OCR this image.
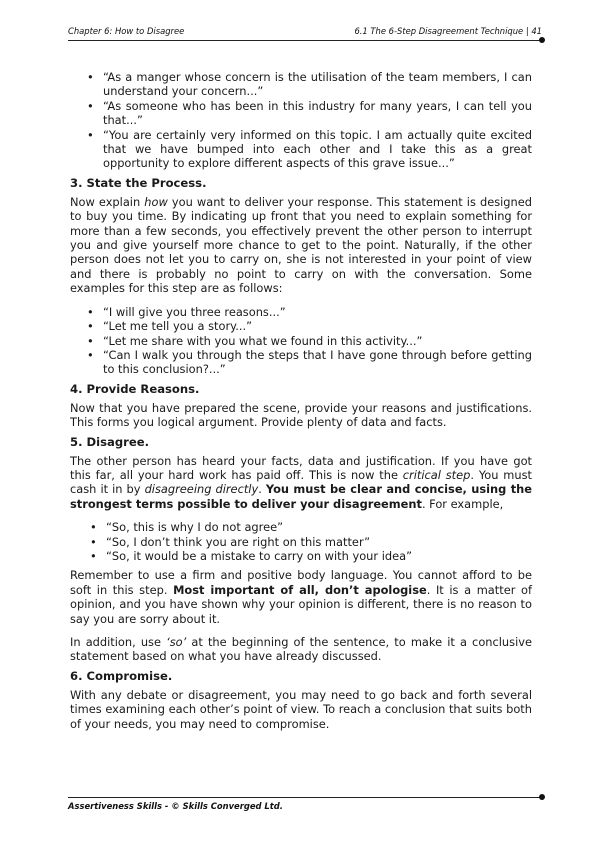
Chapter 6: How to Disagree	6.1 The 6-Step Disagreement Technique | 41
• “As a manger whose concern is the utilisation of the team members, I can understand your concern...”
• “As someone who has been in this industry for many years, I can tell you that...”
• “You are certainly very informed on this topic. I am actually quite excited that we have bumped into each other and I take this as a great opportunity to explore different aspects of this grave issue...”
3. State the Process.

Now explain how you want to deliver your response. This statement is designed to buy you time. By indicating up front that you need to explain something for more than a few seconds, you effectively prevent the other person to interrupt you and give yourself more chance to get to the point. Naturally, if the other person does not let you to carry on, she is not interested in your point of view and there is probably no point to carry on with the conversation. Some examples for this step are as follows:

• “I will give you three reasons...”
• “Let me tell you a story...”
• “Let me share with you what we found in this activity...”
• “Can I walk you through the steps that I have gone through before getting to this conclusion?...”
4. Provide Reasons.

Now that you have prepared the scene, provide your reasons and justifications. This forms you logical argument. Provide plenty of data and facts.

5. Disagree.

The other person has heard your facts, data and justification. If you have got this far, all your hard work has paid off. This is now the critical step. You must cash it in by disagreeing directly. You must be clear and concise, using the strongest terms possible to deliver your disagreement. For example,

• “So, this is why I do not agree”
• “So, I don’t think you are right on this matter”
• “So, it would be a mistake to carry on with your idea”

Remember to use a firm and positive body language. You cannot afford to be soft in this step. Most important of all, don’t apologise. It is a matter of opinion, and you have shown why your opinion is different, there is no reason to say you are sorry about it.

In addition, use ‘so’ at the beginning of the sentence, to make it a conclusive statement based on what you have already discussed.

6. Compromise.

With any debate or disagreement, you may need to go back and forth several times examining each other’s point of view. To reach a conclusion that suits both of your needs, you may need to compromise.

Assertiveness Skills - © Skills Converged Ltd.
